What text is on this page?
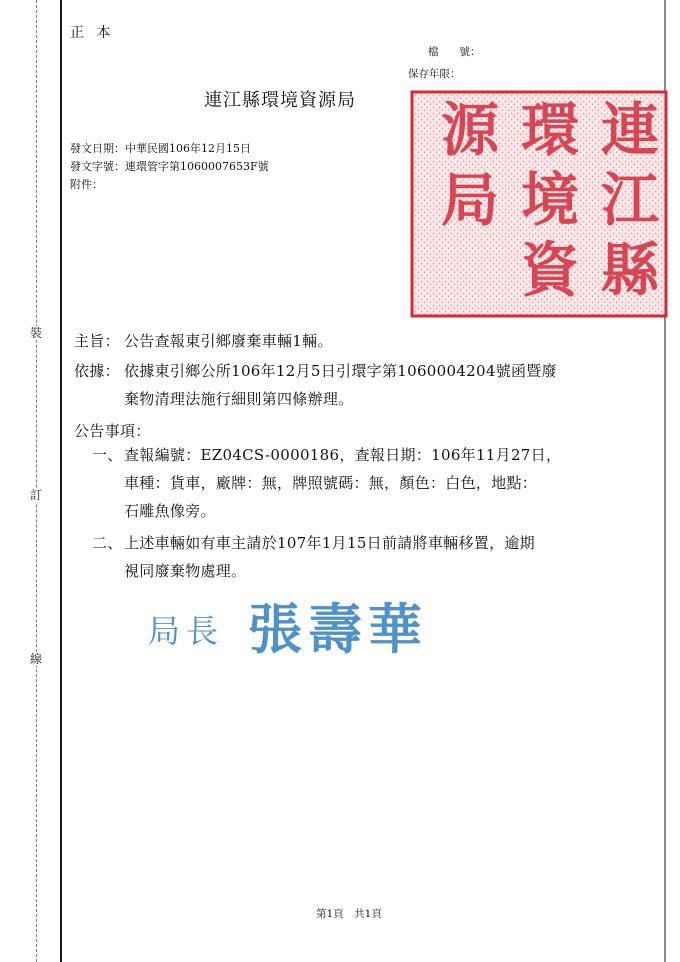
裝
訂
線
正 本
檔　　號：
保存年限：
連江縣環境資源局	連
江
縣
環
境
資
源
局
發文日期：中華民國106年12月15日
發文字號：連環管字第1060007653F號
附件：
主旨： 公告查報東引鄉廢棄車輛1輛。
依據： 依據東引鄉公所106年12月5日引環字第1060004204號函暨廢
棄物清理法施行細則第四條辦理。
公告事項：
一、 查報編號：EZ04CS-0000186，查報日期：106年11月27日，
車種：貨車，廠牌：無，牌照號碼：無，顏色：白色，地點：
石雕魚像旁。
二、 上述車輛如有車主請於107年1月15日前請將車輛移置，逾期
視同廢棄物處理。
局長 張壽華
第1頁　共1頁
